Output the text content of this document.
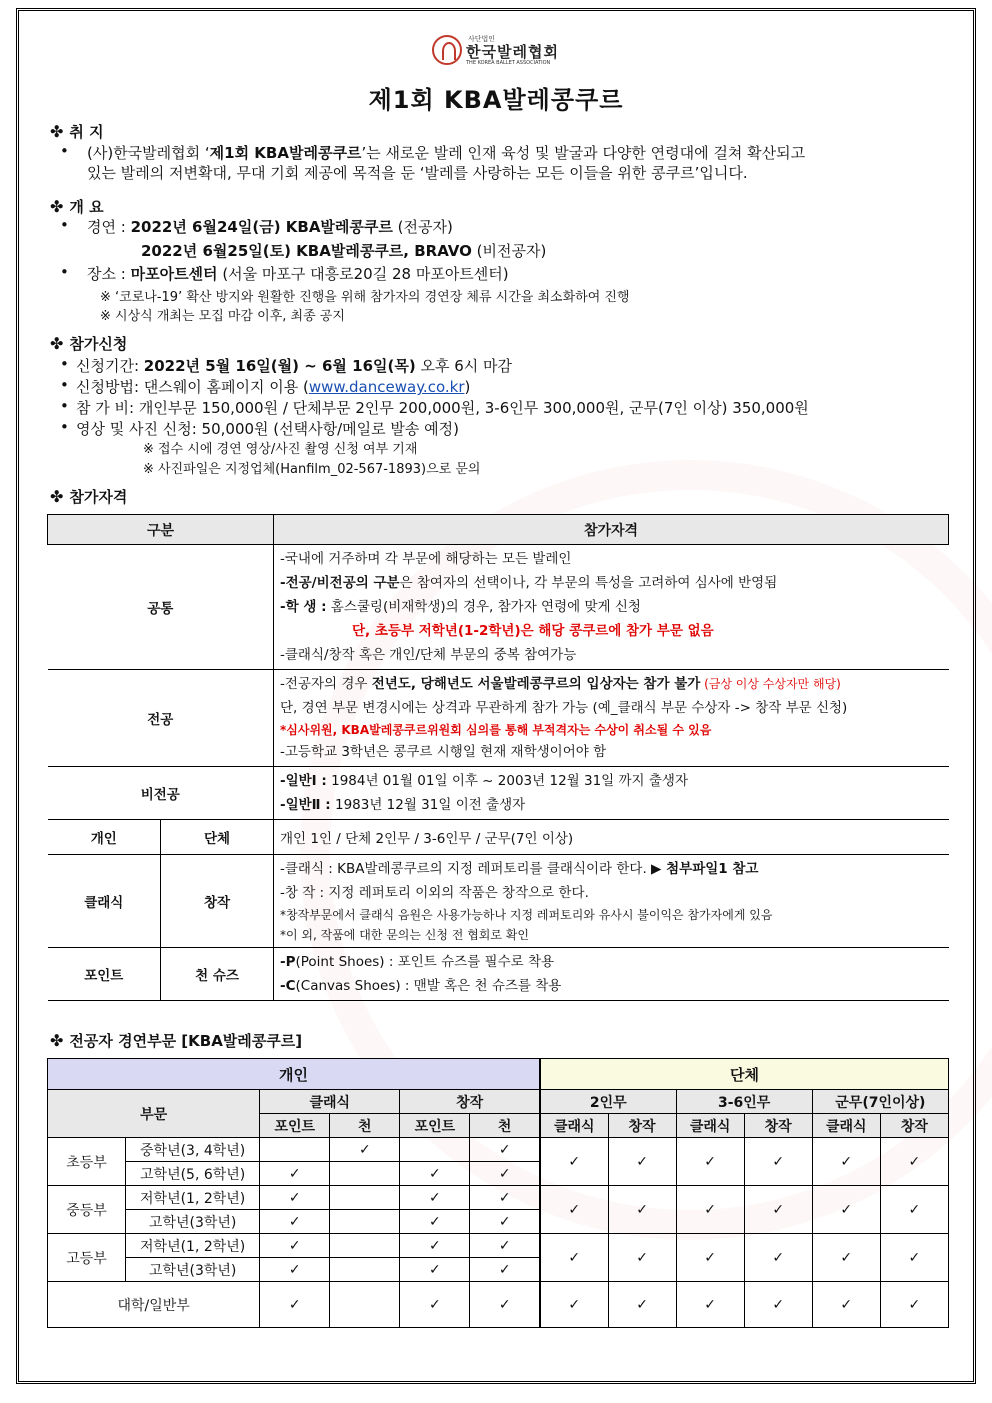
사단법인
한국발레협회
THE KOREA BALLET ASSOCIATION
제1회 KBA발레콩쿠르
✤ 취 지
• (사)한국발레협회 ‘제1회 KBA발레콩쿠르’는 새로운 발레 인재 육성 및 발굴과 다양한 연령대에 걸쳐 확산되고
있는 발레의 저변확대, 무대 기회 제공에 목적을 둔 ‘발레를 사랑하는 모든 이들을 위한 콩쿠르’입니다.
✤ 개 요
• 경연 : 2022년 6월24일(금) KBA발레콩쿠르 (전공자)
2022년 6월25일(토) KBA발레콩쿠르, BRAVO (비전공자)
• 장소 : 마포아트센터 (서울 마포구 대흥로20길 28 마포아트센터)
※ ‘코로나-19’ 확산 방지와 원활한 진행을 위해 참가자의 경연장 체류 시간을 최소화하여 진행
※ 시상식 개최는 모집 마감 이후, 최종 공지
✤ 참가신청
• 신청기간: 2022년 5월 16일(월) ~ 6월 16일(목) 오후 6시 마감
• 신청방법: 댄스웨이 홈페이지 이용 (www.danceway.co.kr)
• 참 가 비: 개인부문 150,000원 / 단체부문 2인무 200,000원, 3-6인무 300,000원, 군무(7인 이상) 350,000원
• 영상 및 사진 신청: 50,000원 (선택사항/메일로 발송 예정)
※ 접수 시에 경연 영상/사진 촬영 신청 여부 기재
※ 사진파일은 지정업체(Hanfilm_02-567-1893)으로 문의
✤ 참가자격
구분		참가자격
공통		-국내에 거주하며 각 부문에 해당하는 모든 발레인
-전공/비전공의 구분은 참여자의 선택이나, 각 부문의 특성을 고려하여 심사에 반영됨
-학 생 : 홈스쿨링(비재학생)의 경우, 참가자 연령에 맞게 신청
단, 초등부 저학년(1-2학년)은 해당 콩쿠르에 참가 부문 없음
-클래식/창작 혹은 개인/단체 부문의 중복 참여가능

전공		-전공자의 경우 전년도, 당해년도 서울발레콩쿠르의 입상자는 참가 불가 (금상 이상 수상자만 해당)
단, 경연 부문 변경시에는 상격과 무관하게 참가 가능 (예_클래식 부문 수상자 -> 창작 부문 신청)
*심사위원, KBA발레콩쿠르위원회 심의를 통해 부적격자는 수상이 취소될 수 있음
-고등학교 3학년은 콩쿠르 시행일 현재 재학생이어야 함

비전공		-일반Ⅰ : 1984년 01월 01일 이후 ~ 2003년 12월 31일 까지 출생자
-일반Ⅱ : 1983년 12월 31일 이전 출생자

개인	단체	개인 1인 / 단체 2인무 / 3-6인무 / 군무(7인 이상)
클래식	창작	-클래식 : KBA발레콩쿠르의 지정 레퍼토리를 클래식이라 한다. ▶ 첨부파일1 참고
-창 작 : 지정 레퍼토리 이외의 작품은 창작으로 한다.
*창작부문에서 클래식 음원은 사용가능하나 지정 레퍼토리와 유사시 불이익은 참가자에게 있음
*이 외, 작품에 대한 문의는 신청 전 협회로 확인

포인트	천 슈즈	-P(Point Shoes) : 포인트 슈즈를 필수로 착용
-C(Canvas Shoes) : 맨발 혹은 천 슈즈를 착용
✤ 전공자 경연부문 [KBA발레콩쿠르]
개인						단체					
부문		클래식		창작		2인무		3-6인무		군무(7인이상)	
		포인트	천	포인트	천	클래식	창작	클래식	창작	클래식	창작
초등부	중학년(3, 4학년)		✓		✓	✓	✓	✓	✓	✓	✓
	고학년(5, 6학년)	✓		✓	✓						
중등부	저학년(1, 2학년)	✓		✓	✓	✓	✓	✓	✓	✓	✓
	고학년(3학년)	✓		✓	✓						
고등부	저학년(1, 2학년)	✓		✓	✓	✓	✓	✓	✓	✓	✓
	고학년(3학년)	✓		✓	✓						
대학/일반부		✓		✓	✓	✓	✓	✓	✓	✓	✓
